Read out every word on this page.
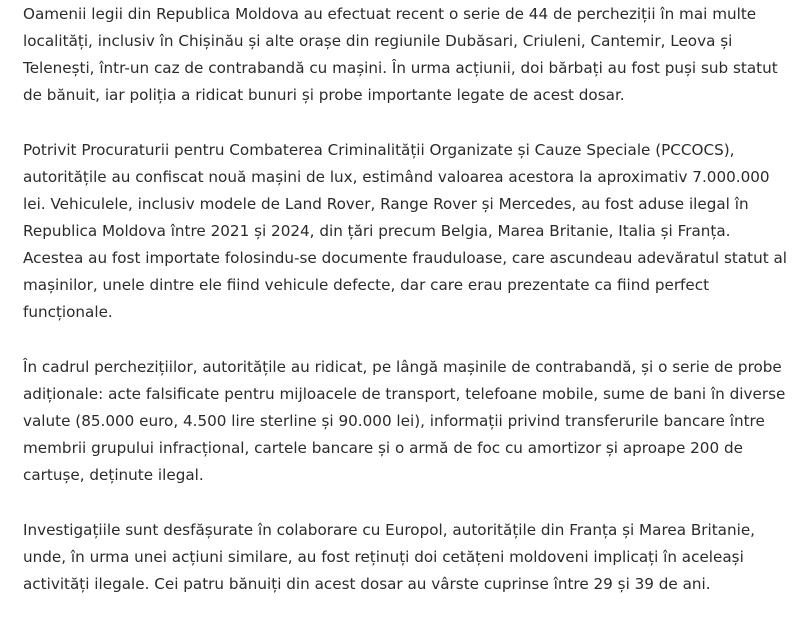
Oamenii legii din Republica Moldova au efectuat recent o serie de 44 de percheziții în mai multe localități, inclusiv în Chișinău și alte orașe din regiunile Dubăsari, Criuleni, Cantemir, Leova și Telenești, într-un caz de contrabandă cu mașini. În urma acțiunii, doi bărbați au fost puși sub statut de bănuit, iar poliția a ridicat bunuri și probe importante legate de acest dosar.

Potrivit Procuraturii pentru Combaterea Criminalității Organizate și Cauze Speciale (PCCOCS), autoritățile au confiscat nouă mașini de lux, estimând valoarea acestora la aproximativ 7.000.000 lei. Vehiculele, inclusiv modele de Land Rover, Range Rover și Mercedes, au fost aduse ilegal în Republica Moldova între 2021 și 2024, din țări precum Belgia, Marea Britanie, Italia și Franța. Acestea au fost importate folosindu-se documente frauduloase, care ascundeau adevăratul statut al mașinilor, unele dintre ele fiind vehicule defecte, dar care erau prezentate ca fiind perfect funcționale.

În cadrul perchezițiilor, autoritățile au ridicat, pe lângă mașinile de contrabandă, și o serie de probe adiționale: acte falsificate pentru mijloacele de transport, telefoane mobile, sume de bani în diverse valute (85.000 euro, 4.500 lire sterline și 90.000 lei), informații privind transferurile bancare între membrii grupului infracțional, cartele bancare și o armă de foc cu amortizor și aproape 200 de cartușe, deținute ilegal.

Investigațiile sunt desfășurate în colaborare cu Europol, autoritățile din Franța și Marea Britanie, unde, în urma unei acțiuni similare, au fost reținuți doi cetățeni moldoveni implicați în aceleași activități ilegale. Cei patru bănuiți din acest dosar au vârste cuprinse între 29 și 39 de ani.
